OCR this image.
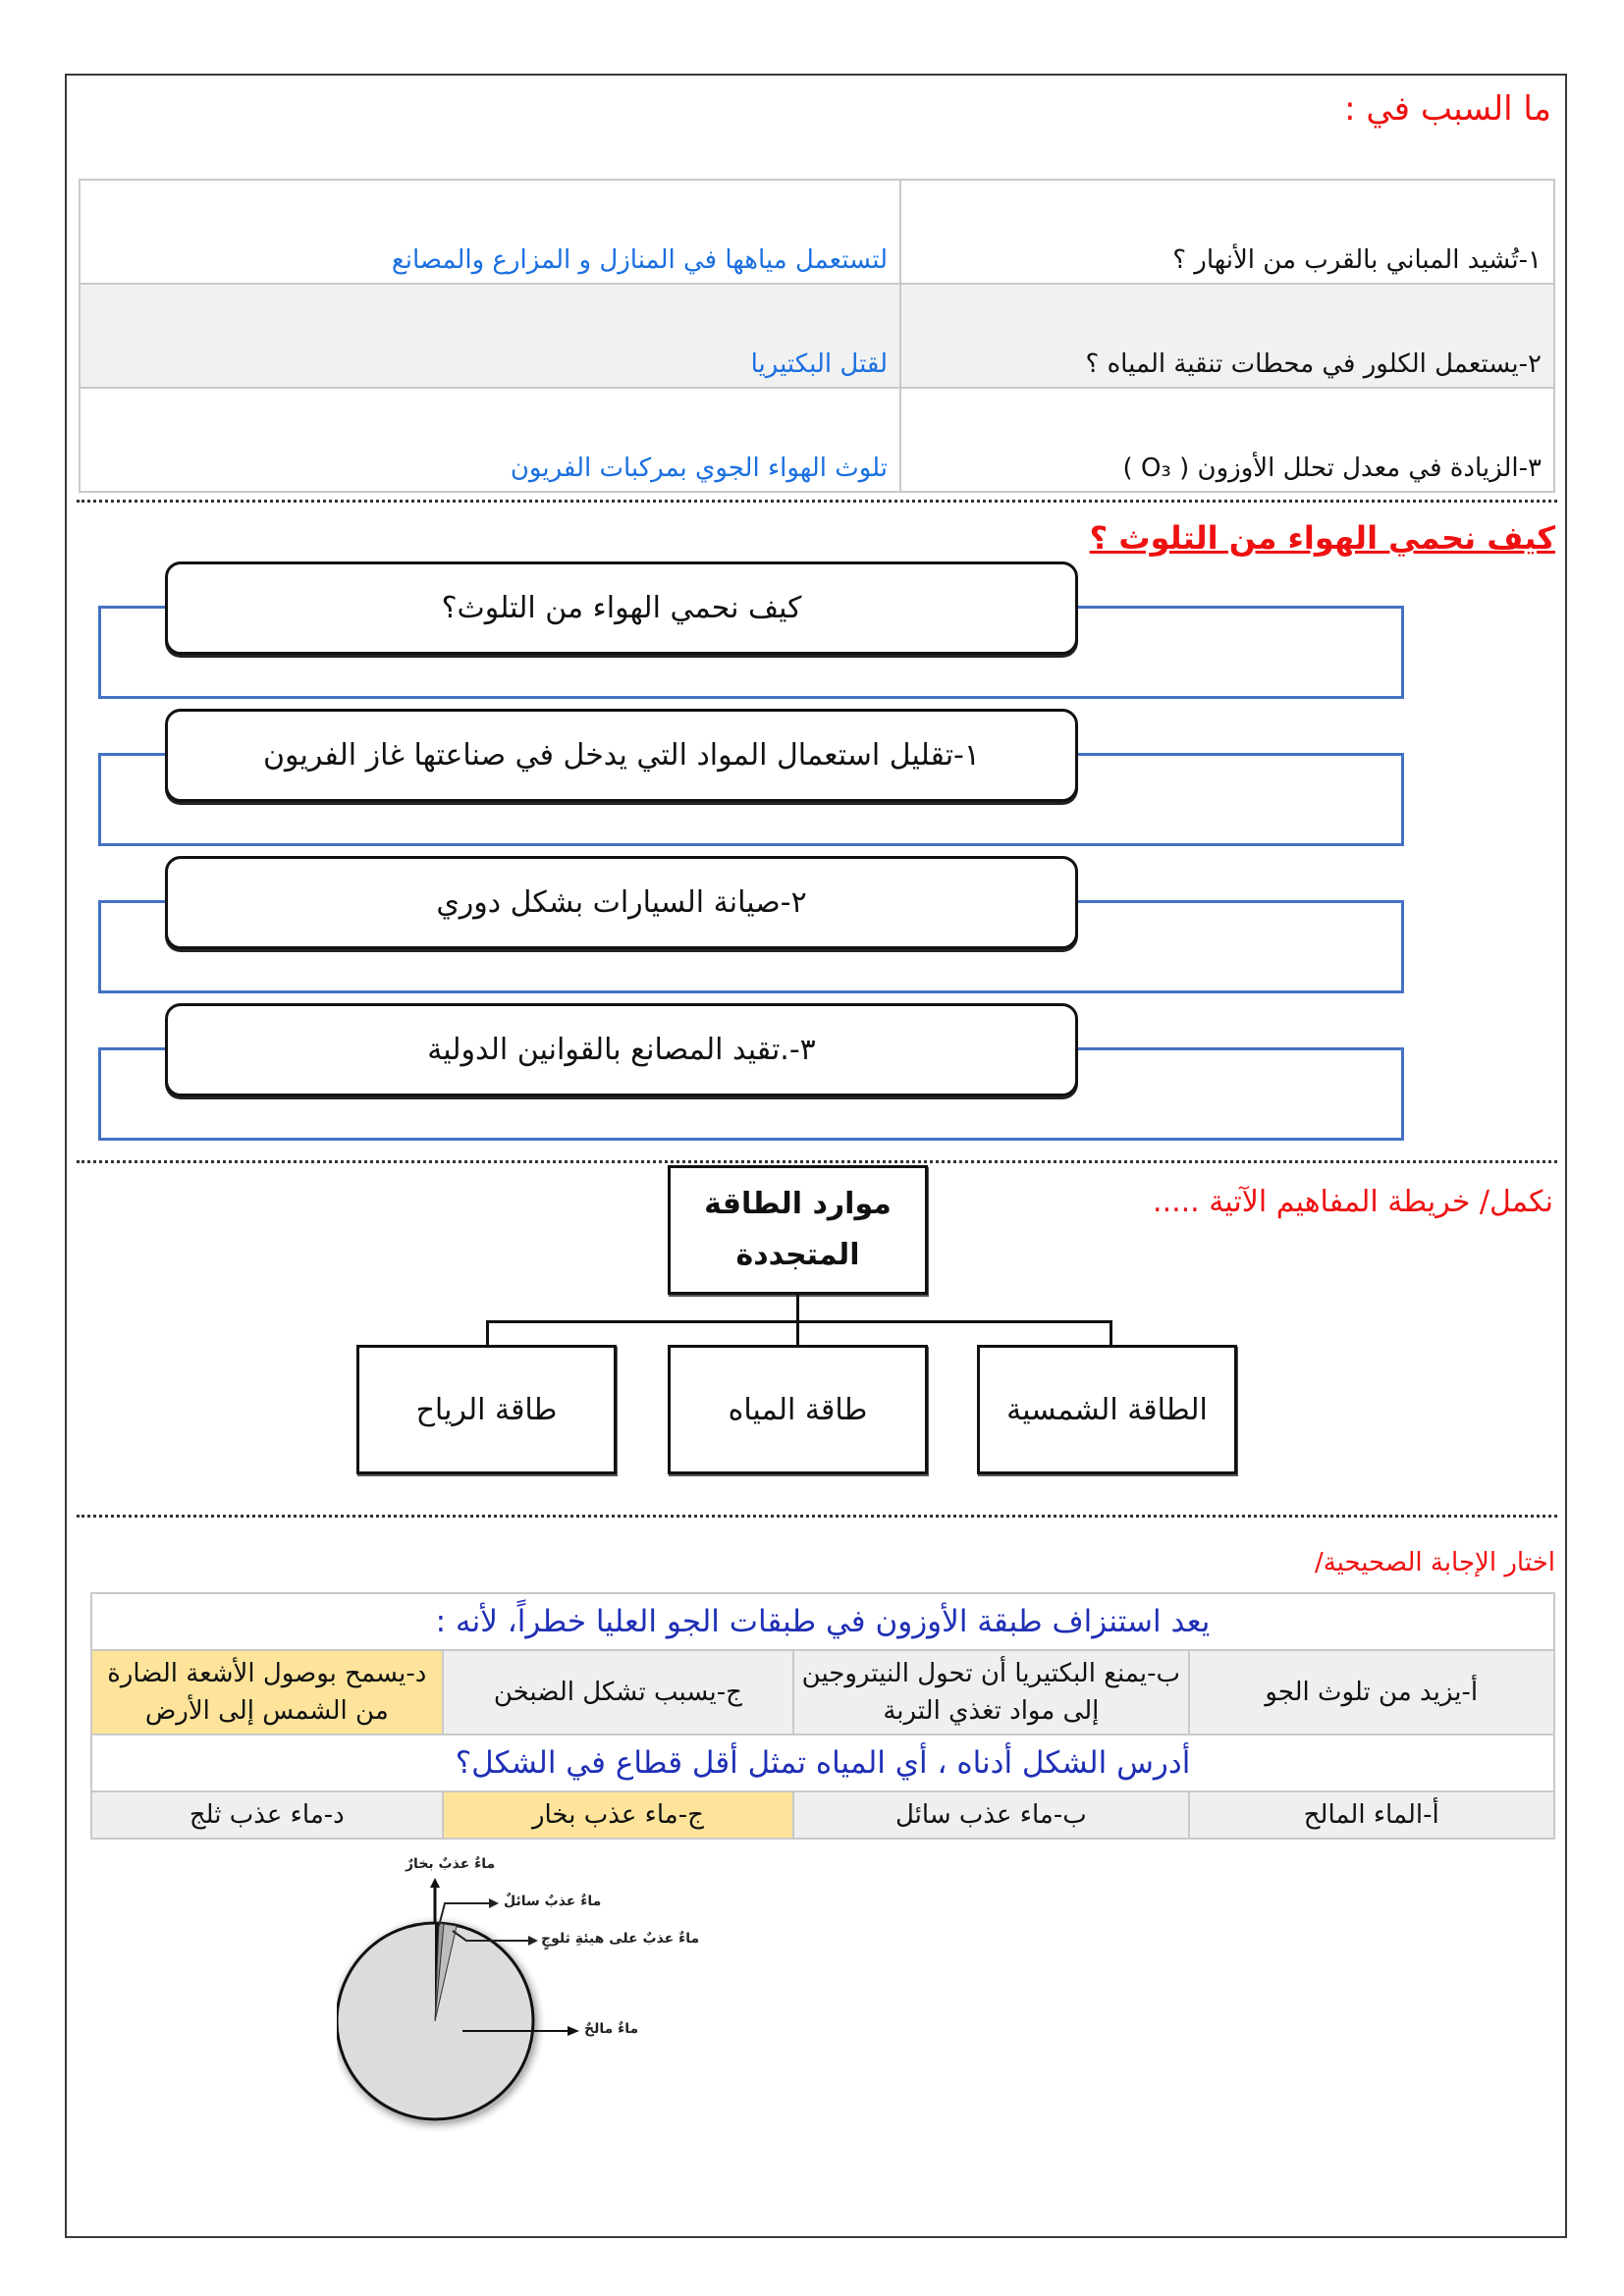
ما السبب في :
١-تُشيد المباني بالقرب من الأنهار ؟	لتستعمل مياهها في المنازل و المزارع والمصانع
٢-يستعمل الكلور في محطات تنقية المياه ؟	لقتل البكتيريا
٣-الزيادة في معدل تحلل الأوزون ( O₃ )	تلوث الهواء الجوي بمركبات الفريون
كيف نحمي الهواء من التلوث ؟
كيف نحمي الهواء من التلوث؟
١-تقليل استعمال المواد التي يدخل في صناعتها غاز الفريون
٢-صيانة السيارات بشكل دوري
٣-.تقيد المصانع بالقوانين الدولية
نكمل/ خريطة المفاهيم الآتية .....
موارد الطاقة المتجددة
الطاقة الشمسية
طاقة المياه
طاقة الرياح
اختار الإجابة الصحيحية/
يعد استنزاف طبقة الأوزون في طبقات الجو العليا خطراً، لأنه :			
أ-يزيد من تلوث الجو	ب-يمنع البكتيريا أن تحول النيتروجين إلى مواد تغذي التربة	ج-يسبب تشكل الضبخن	د-يسمح بوصول الأشعة الضارة من الشمس إلى الأرض
أدرس الشكل أدناه ، أي المياه تمثل أقل قطاع في الشكل؟			
أ-الماء المالح	ب-ماء عذب سائل	ج-ماء عذب بخار	د-ماء عذب ثلج
ماءٌ عذبٌ بخارٌ
ماءٌ عذبٌ سائلٌ
ماءٌ عذبٌ على هيئةِ ثلوجٍ
ماءٌ مالحٌ
